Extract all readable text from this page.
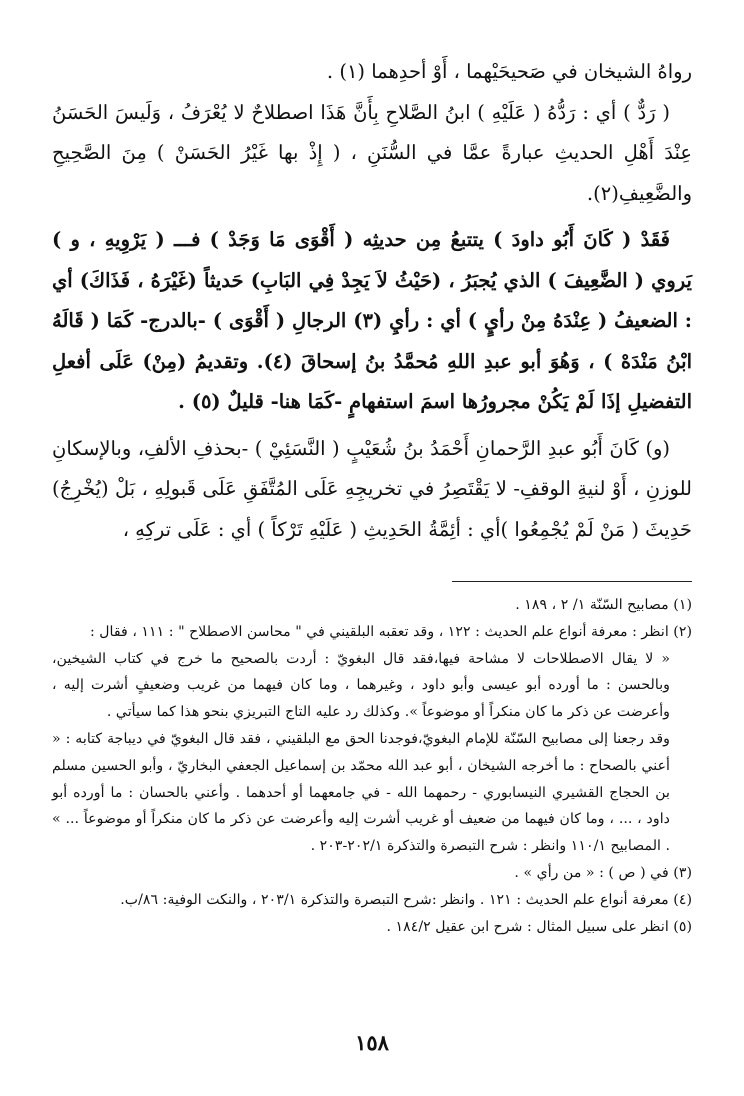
رواهُ الشيخان في صَحيحَيْهما ، أَوْ أحدِهما (١) .

( رَدٌّ ) أي : رَدُّهُ ( عَلَيْهِ ) ابنُ الصَّلاحِ بِأَنَّ هَذَا اصطلاحٌ لا يُعْرَفُ ، وَلَيسَ الحَسَنُ عِنْدَ أَهْلِ الحديثِ عبارةً عمَّا في السُّنَنِ ، ( إِذْ بها غَيْرُ الحَسَنْ ) مِنَ الصَّحِيحِ والضَّعِيفِ(٢).

فَقَدْ ( كَانَ أَبُو داودَ ) يتتبعُ مِن حديثِه ( أَقْوَى مَا وَجَدْ ) فـــ ( يَرْوِيهِ ، و ) يَروي ( الضَّعِيفَ ) الذي يُجبَرُ ، (حَيْثُ لاَ يَجِدْ فِي البَابِ) حَديثاً (غَيْرَهُ ، فَذَاكَ) أي : الضعيفُ ( عِنْدَهُ مِنْ رأيٍ ) أي : رأيِ (٣) الرجالِ ( أَقْوَى ) -بالدرج- كَمَا ( قَالَهُ ابْنُ مَنْدَهْ ) ، وَهُوَ أبو عبدِ اللهِ مُحمَّدُ بنُ إسحاقَ (٤). وتقديمُ (مِنْ) عَلَى أفعلِ التفضيلِ إذَا لَمْ يَكُنْ مجرورُها اسمَ استفهامٍ -كَمَا هنا- قليلٌ (٥) .

(و) كَانَ أَبُو عبدِ الرَّحمانِ أَحْمَدُ بنُ شُعَيْبٍ ( النَّسَئِيْ ) -بحذفِ الألفِ، وبالإسكانِ للوزنِ ، أَوْ لنيةِ الوقفِ- لا يَقْتَصِرُ في تخريجِهِ عَلَى المُتَّفَقِ عَلَى قَبولِهِ ، بَلْ (يُخْرِجُ) حَدِيثَ ( مَنْ لَمْ يُجْمِعُوا )أي : أئِمَّةُ الحَدِيثِ ( عَلَيْهِ تَرْكاً ) أي : عَلَى تركِهِ ،

(١) مصابيح السّنّة ١/ ٢ ، ١٨٩ .

(٢) انظر : معرفة أنواع علم الحديث : ١٢٢ ، وقد تعقبه البلقيني في " محاسن الاصطلاح " : ١١١ ، فقال :

« لا يقال الاصطلاحات لا مشاحة فيها،فقد قال البغويّ : أردت بالصحيح ما خرج في كتاب الشيخين، وبالحسن : ما أورده أبو عيسى وأبو داود ، وغيرهما ، وما كان فيهما من غريب وضعيفٍ أشرت إليه ، وأعرضت عن ذكر ما كان منكراً أو موضوعاً ». وكذلك رد عليه التاج التبريزي بنحو هذا كما سيأتي .

وقد رجعنا إلى مصابيح السّنّة للإمام البغويّ،فوجدنا الحق مع البلقيني ، فقد قال البغويّ في ديباجة كتابه : « أعني بالصحاح : ما أخرجه الشيخان ، أبو عبد الله محمّد بن إسماعيل الجعفي البخاريّ ، وأبو الحسين مسلم بن الحجاج القشيري النيسابوري - رحمهما الله - في جامعهما أو أحدهما . وأعني بالحسان : ما أورده أبو داود ، ... ، وما كان فيهما من ضعيف أو غريب أشرت إليه وأعرضت عن ذكر ما كان منكراً أو موضوعاً ... » . المصابيح ١١٠/١ وانظر : شرح التبصرة والتذكرة ٢٠٢/١-٢٠٣ .

(٣) في ( ص ) : « من رأي » .

(٤) معرفة أنواع علم الحديث : ١٢١ . وانظر :شرح التبصرة والتذكرة ٢٠٣/١ ، والنكت الوفية: ٨٦/ب.

(٥) انظر على سبيل المثال : شرح ابن عقيل ١٨٤/٢ .

١٥٨
